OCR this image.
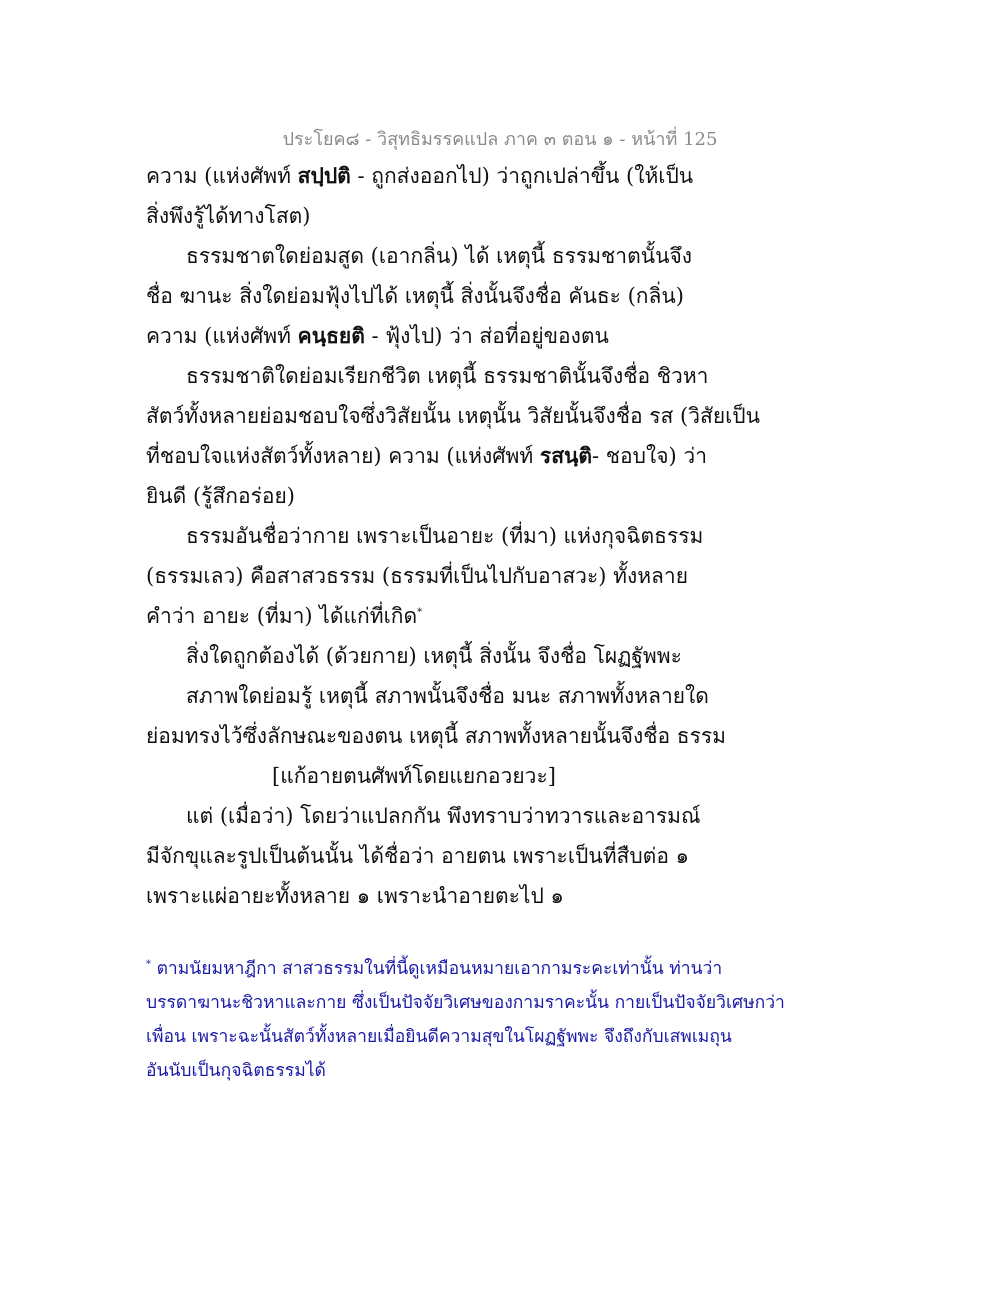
ประโยค๘ - วิสุทธิมรรคแปล ภาค ๓ ตอน ๑ - หน้าที่ 125
ความ (แห่งศัพท์ สปฺปติ - ถูกส่งออกไป) ว่าถูกเปล่าขึ้น (ให้เป็น
สิ่งพึงรู้ได้ทางโสต)
ธรรมชาตใดย่อมสูด (เอากลิ่น) ได้ เหตุนี้ ธรรมชาตนั้นจึง
ชื่อ ฆานะ สิ่งใดย่อมฟุ้งไปได้ เหตุนี้ สิ่งนั้นจึงชื่อ คันธะ (กลิ่น)
ความ (แห่งศัพท์ คนฺธยติ - ฟุ้งไป) ว่า ส่อที่อยู่ของตน
ธรรมชาติใดย่อมเรียกชีวิต เหตุนี้ ธรรมชาตินั้นจึงชื่อ ชิวหา
สัตว์ทั้งหลายย่อมชอบใจซึ่งวิสัยนั้น เหตุนั้น วิสัยนั้นจึงชื่อ รส (วิสัยเป็น
ที่ชอบใจแห่งสัตว์ทั้งหลาย) ความ (แห่งศัพท์ รสนฺติ- ชอบใจ) ว่า
ยินดี (รู้สึกอร่อย)
ธรรมอันชื่อว่ากาย เพราะเป็นอายะ (ที่มา) แห่งกุจฉิตธรรม
(ธรรมเลว) คือสาสวธรรม (ธรรมที่เป็นไปกับอาสวะ) ทั้งหลาย
คำว่า อายะ (ที่มา) ได้แก่ที่เกิด*
สิ่งใดถูกต้องได้ (ด้วยกาย) เหตุนี้ สิ่งนั้น จึงชื่อ โผฏฐัพพะ
สภาพใดย่อมรู้ เหตุนี้ สภาพนั้นจึงชื่อ มนะ สภาพทั้งหลายใด
ย่อมทรงไว้ซึ่งลักษณะของตน เหตุนี้ สภาพทั้งหลายนั้นจึงชื่อ ธรรม
[แก้อายตนศัพท์โดยแยกอวยวะ]
แต่ (เมื่อว่า) โดยว่าแปลกกัน พึงทราบว่าทวารและอารมณ์
มีจักขุและรูปเป็นต้นนั้น ได้ชื่อว่า อายตน เพราะเป็นที่สืบต่อ ๑
เพราะแผ่อายะทั้งหลาย ๑ เพราะนำอายตะไป ๑
* ตามนัยมหาฎีกา สาสวธรรมในที่นี้ดูเหมือนหมายเอากามระคะเท่านั้น ท่านว่า
บรรดาฆานะชิวหาและกาย ซึ่งเป็นปัจจัยวิเศษของกามราคะนั้น กายเป็นปัจจัยวิเศษกว่า
เพื่อน เพราะฉะนั้นสัตว์ทั้งหลายเมื่อยินดีความสุขในโผฏฐัพพะ จึงถึงกับเสพเมถุน
อันนับเป็นกุจฉิตธรรมได้
